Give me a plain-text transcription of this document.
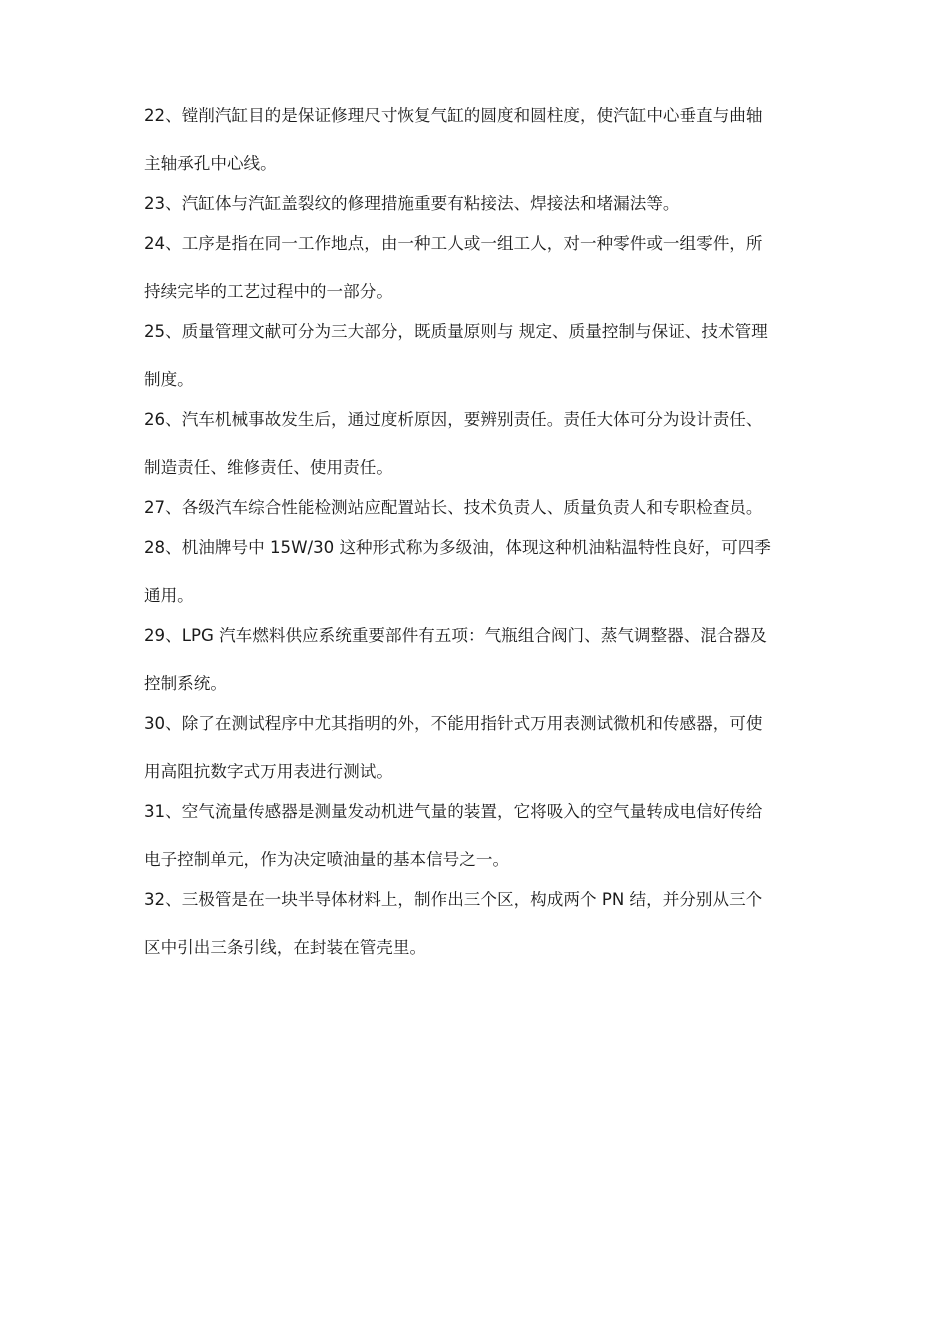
22、镗削汽缸目的是保证修理尺寸恢复气缸的圆度和圆柱度，使汽缸中心垂直与曲轴
主轴承孔中心线。
23、汽缸体与汽缸盖裂纹的修理措施重要有粘接法、焊接法和堵漏法等。
24、工序是指在同一工作地点，由一种工人或一组工人，对一种零件或一组零件，所
持续完毕的工艺过程中的一部分。
25、质量管理文献可分为三大部分，既质量原则与 规定、质量控制与保证、技术管理
制度。
26、汽车机械事故发生后，通过度析原因，要辨别责任。责任大体可分为设计责任、
制造责任、维修责任、使用责任。
27、各级汽车综合性能检测站应配置站长、技术负责人、质量负责人和专职检查员。
28、机油牌号中 15W/30 这种形式称为多级油，体现这种机油粘温特性良好，可四季
通用。
29、LPG 汽车燃料供应系统重要部件有五项：气瓶组合阀门、蒸气调整器、混合器及
控制系统。
30、除了在测试程序中尤其指明的外，不能用指针式万用表测试微机和传感器，可使
用高阻抗数字式万用表进行测试。
31、空气流量传感器是测量发动机进气量的装置，它将吸入的空气量转成电信好传给
电子控制单元，作为决定喷油量的基本信号之一。
32、三极管是在一块半导体材料上，制作出三个区，构成两个 PN 结，并分别从三个
区中引出三条引线，在封装在管壳里。
